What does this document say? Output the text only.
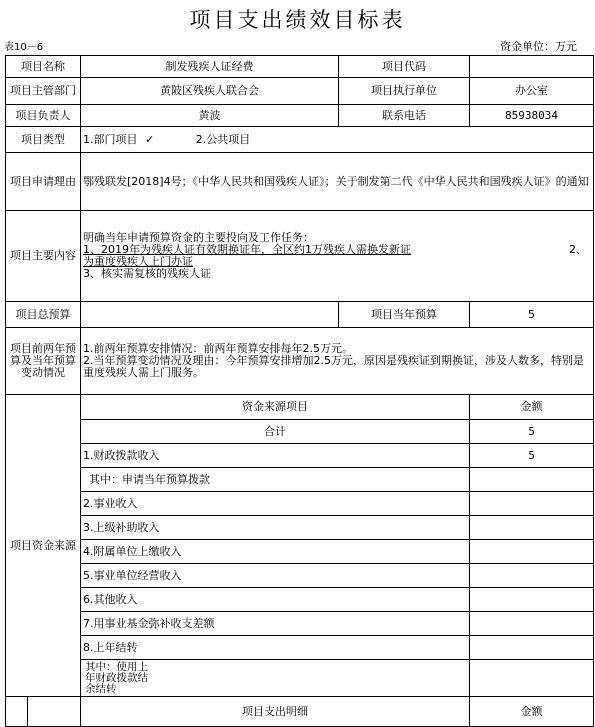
项目支出绩效目标表
表10－6	资金单位：万元
项目名称		制发残疾人证经费	项目代码	
项目主管部门		黄陂区残疾人联合会	项目执行单位	办公室
项目负责人		黄波	联系电话	85938034
项目类型		1.部门项目 ✓ 2.公共项目		
项目申请理由		鄂残联发[2018]4号；《中华人民共和国残疾人证》；关于制发第二代《中华人民共和国残疾人证》的通知		
项目主要内容		明确当年申请预算资金的主要投向及工作任务：
1、2019年为残疾人证有效期换证年，全区约1万残疾人需换发新证 2、
为重度残疾人上门办证
3、核实需复核的残疾人证		

项目总预算			项目当年预算	5
项目前两年预算及当年预算变动情况		1.前两年预算安排情况：前两年预算安排每年2.5万元。
2.当年预算变动情况及理由：今年预算安排增加2.5万元，原因是残疾证到期换证，涉及人数多，特别是重度残疾人需上门服务。		

项目资金来源		资金来源项目		金额
		合计		5
		1.财政拨款收入		5
		其中：申请当年预算拨款		
		2.事业收入		
		3.上级补助收入		
		4.附属单位上缴收入		
		5.事业单位经营收入		
		6.其他收入		
		7.用事业基金弥补收支差额		
		8.上年结转		

		其中：使用上年财政拨款结余结转		

		项目支出明细		金额
